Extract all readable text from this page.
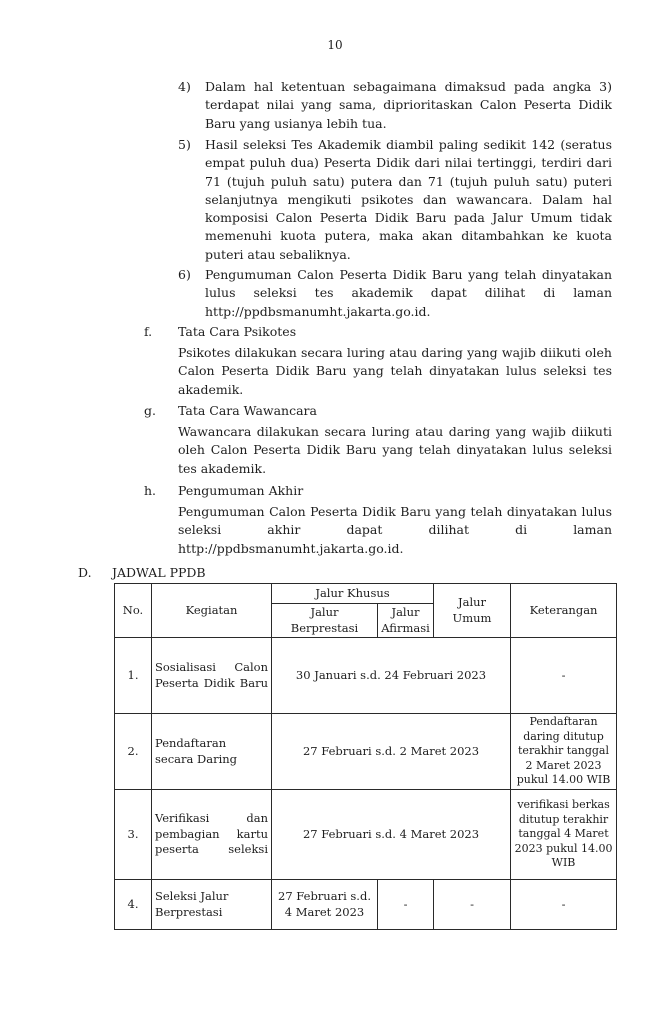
10
4) Dalam hal ketentuan sebagaimana dimaksud pada angka 3) terdapat nilai yang sama, diprioritaskan Calon Peserta Didik Baru yang usianya lebih tua.
5) Hasil seleksi Tes Akademik diambil paling sedikit 142 (seratus empat puluh dua) Peserta Didik dari nilai tertinggi, terdiri dari 71 (tujuh puluh satu) putera dan 71 (tujuh puluh satu) puteri selanjutnya mengikuti psikotes dan wawancara. Dalam hal komposisi Calon Peserta Didik Baru pada Jalur Umum tidak memenuhi kuota putera, maka akan ditambahkan ke kuota puteri atau sebaliknya.
6) Pengumuman Calon Peserta Didik Baru yang telah dinyatakan lulus seleksi tes akademik dapat dilihat di laman http://ppdbsmanumht.jakarta.go.id.
f. Tata Cara Psikotes
Psikotes dilakukan secara luring atau daring yang wajib diikuti oleh Calon Peserta Didik Baru yang telah dinyatakan lulus seleksi tes akademik.
g. Tata Cara Wawancara
Wawancara dilakukan secara luring atau daring yang wajib diikuti oleh Calon Peserta Didik Baru yang telah dinyatakan lulus seleksi tes akademik.
h. Pengumuman Akhir
Pengumuman Calon Peserta Didik Baru yang telah dinyatakan lulus seleksi akhir dapat dilihat di laman http://ppdbsmanumht.jakarta.go.id.
D. JADWAL PPDB
No.	Kegiatan	Jalur Khusus		Jalur Umum	Keterangan
		Jalur Berprestasi	Jalur Afirmasi		
1.	Sosialisasi Calon Peserta Didik Baru	30 Januari s.d. 24 Februari 2023			-
2.	Pendaftaran secara Daring	27 Februari s.d. 2 Maret 2023			Pendaftaran daring ditutup terakhir tanggal 2 Maret 2023 pukul 14.00 WIB
3.	Verifikasi dan pembagian kartu peserta seleksi	27 Februari s.d. 4 Maret 2023			verifikasi berkas ditutup terakhir tanggal 4 Maret 2023 pukul 14.00 WIB
4.	Seleksi Jalur Berprestasi	27 Februari s.d. 4 Maret 2023	-	-	-
